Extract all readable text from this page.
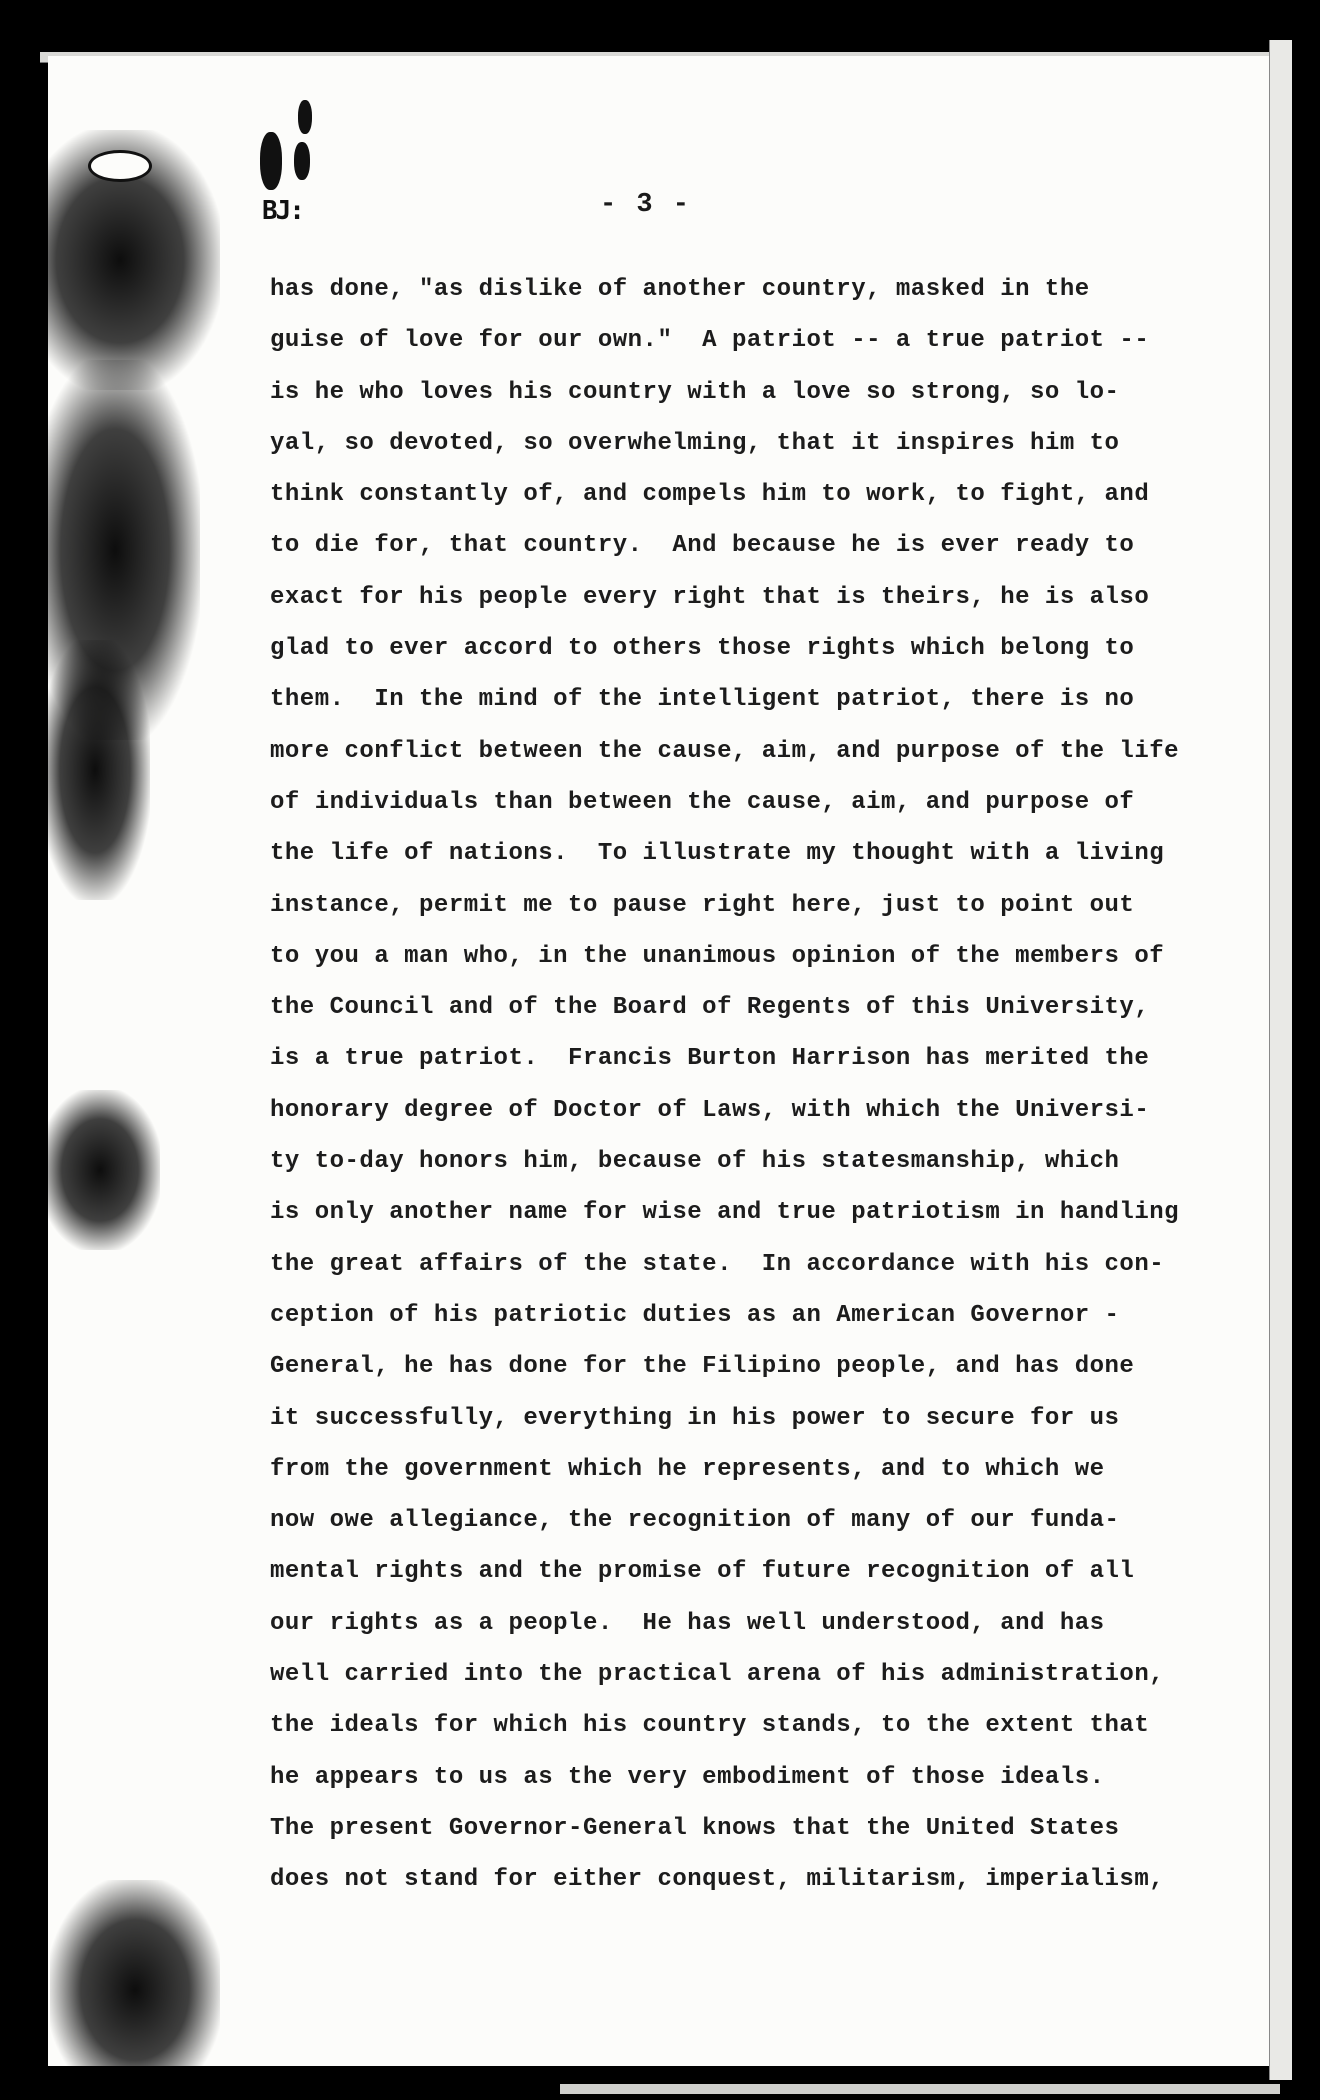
BJ:	- 3 -
has done, "as dislike of another country, masked in the
guise of love for our own."  A patriot -- a true patriot --
is he who loves his country with a love so strong, so lo-
yal, so devoted, so overwhelming, that it inspires him to
think constantly of, and compels him to work, to fight, and
to die for, that country.  And because he is ever ready to
exact for his people every right that is theirs, he is also
glad to ever accord to others those rights which belong to
them.  In the mind of the intelligent patriot, there is no
more conflict between the cause, aim, and purpose of the life
of individuals than between the cause, aim, and purpose of
the life of nations.  To illustrate my thought with a living
instance, permit me to pause right here, just to point out
to you a man who, in the unanimous opinion of the members of
the Council and of the Board of Regents of this University,
is a true patriot.  Francis Burton Harrison has merited the
honorary degree of Doctor of Laws, with which the Universi-
ty to-day honors him, because of his statesmanship, which
is only another name for wise and true patriotism in handling
the great affairs of the state.  In accordance with his con-
ception of his patriotic duties as an American Governor -
General, he has done for the Filipino people, and has done
it successfully, everything in his power to secure for us
from the government which he represents, and to which we
now owe allegiance, the recognition of many of our funda-
mental rights and the promise of future recognition of all
our rights as a people.  He has well understood, and has
well carried into the practical arena of his administration,
the ideals for which his country stands, to the extent that
he appears to us as the very embodiment of those ideals.
The present Governor-General knows that the United States
does not stand for either conquest, militarism, imperialism,
